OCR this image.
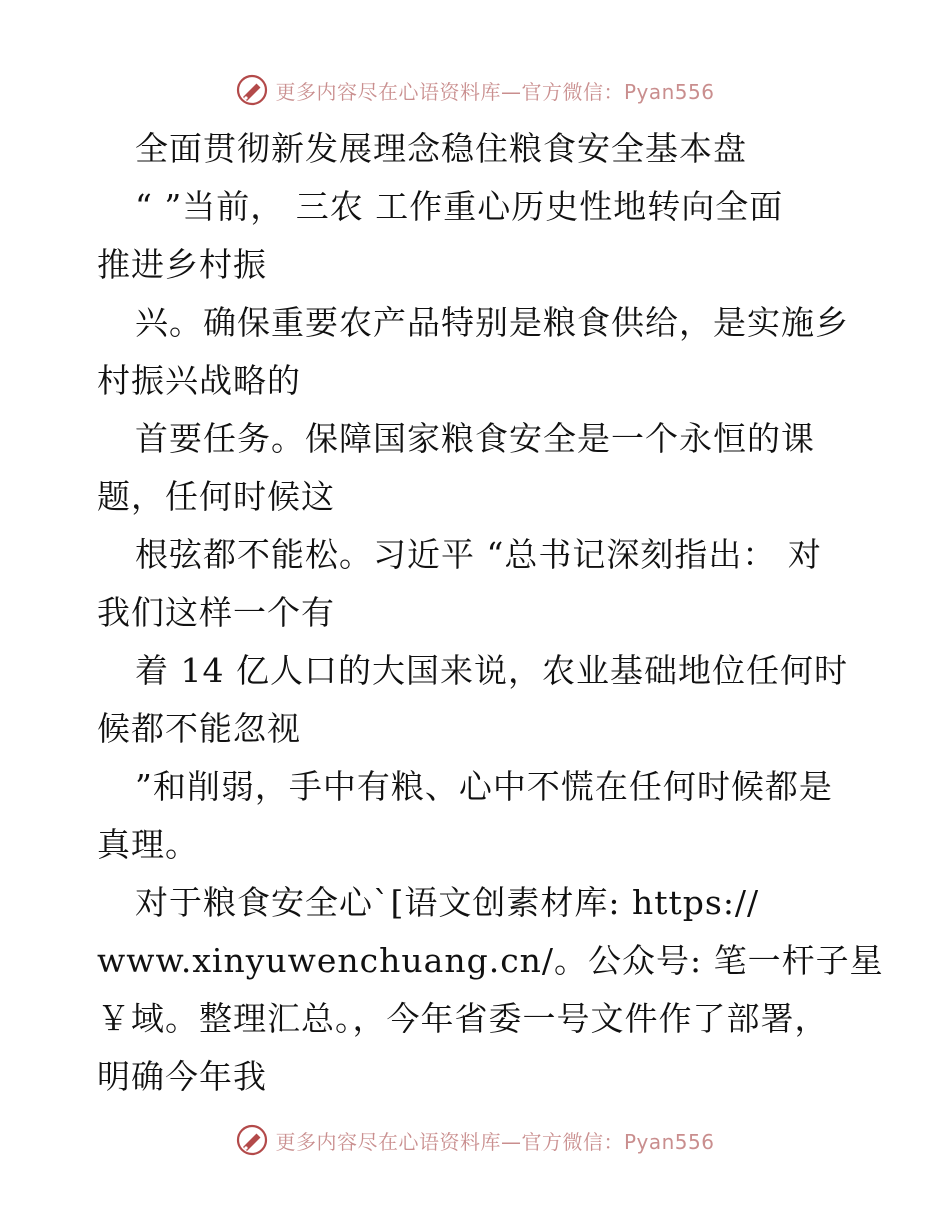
更多内容尽在心语资料库—官方微信：Pyan556
全面贯彻新发展理念稳住粮食安全基本盘
“ ”当前， 三农 工作重心历史性地转向全面
推进乡村振
兴。确保重要农产品特别是粮食供给，是实施乡
村振兴战略的
首要任务。保障国家粮食安全是一个永恒的课
题，任何时候这
根弦都不能松。习近平 “总书记深刻指出： 对
我们这样一个有
着 14 亿人口的大国来说，农业基础地位任何时
候都不能忽视
”和削弱，手中有粮、心中不慌在任何时候都是
真理。
对于粮食安全心`[语文创素材库: https://
www.xinyuwenchuang.cn/。公众号: 笔一杆子星
￥域。整理汇总。，今年省委一号文件作了部署，
明确今年我
更多内容尽在心语资料库—官方微信：Pyan556
